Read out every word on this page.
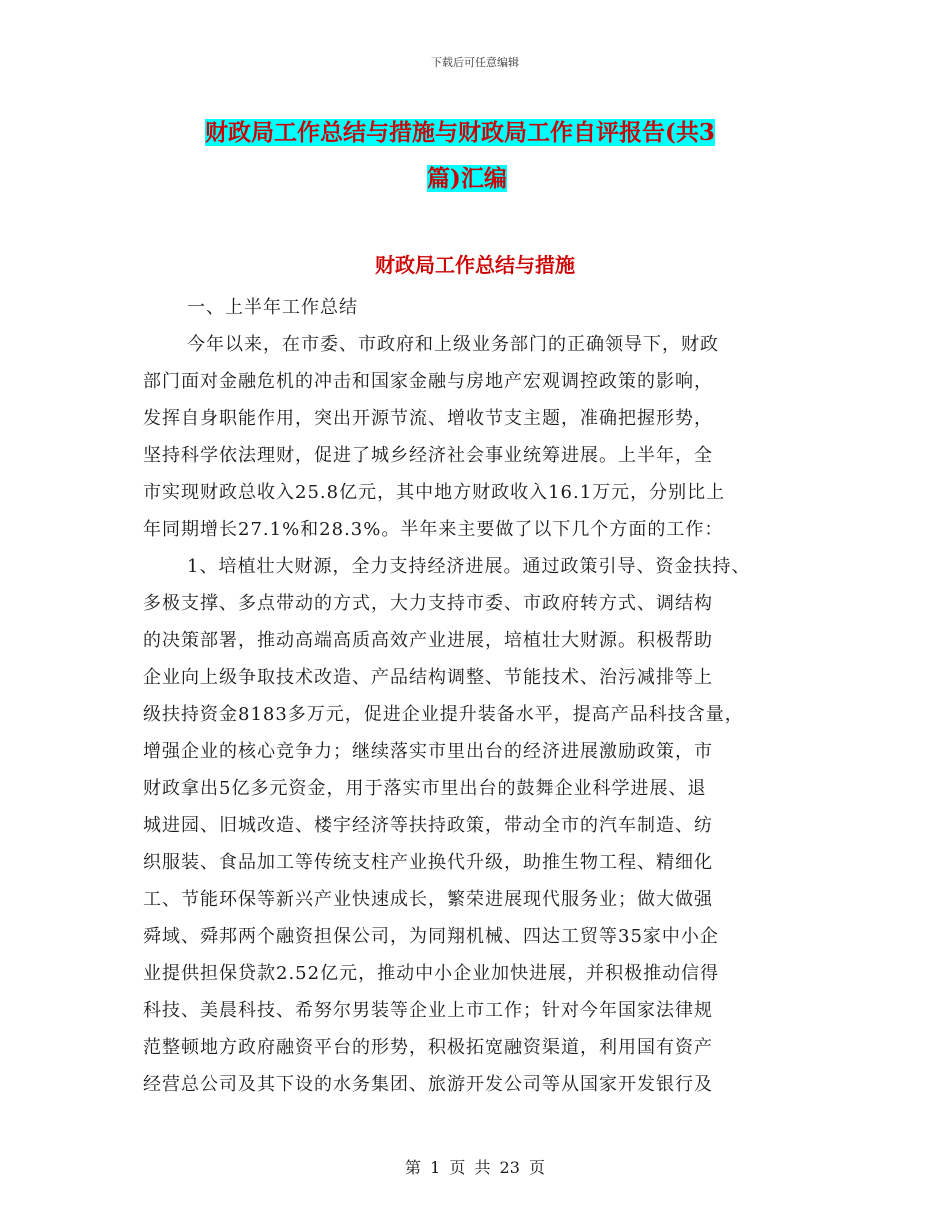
下载后可任意编辑
财政局工作总结与措施与财政局工作自评报告(共3
篇)汇编
财政局工作总结与措施
一、上半年工作总结
今年以来，在市委、市政府和上级业务部门的正确领导下，财政
部门面对金融危机的冲击和国家金融与房地产宏观调控政策的影响，
发挥自身职能作用，突出开源节流、增收节支主题，准确把握形势，
坚持科学依法理财，促进了城乡经济社会事业统筹进展。上半年，全
市实现财政总收入25.8亿元，其中地方财政收入16.1万元，分别比上
年同期增长27.1%和28.3%。半年来主要做了以下几个方面的工作：
1、培植壮大财源，全力支持经济进展。通过政策引导、资金扶持、
多极支撑、多点带动的方式，大力支持市委、市政府转方式、调结构
的决策部署，推动高端高质高效产业进展，培植壮大财源。积极帮助
企业向上级争取技术改造、产品结构调整、节能技术、治污减排等上
级扶持资金8183多万元，促进企业提升装备水平，提高产品科技含量，
增强企业的核心竞争力；继续落实市里出台的经济进展激励政策，市
财政拿出5亿多元资金，用于落实市里出台的鼓舞企业科学进展、退
城进园、旧城改造、楼宇经济等扶持政策，带动全市的汽车制造、纺
织服装、食品加工等传统支柱产业换代升级，助推生物工程、精细化
工、节能环保等新兴产业快速成长，繁荣进展现代服务业；做大做强
舜域、舜邦两个融资担保公司，为同翔机械、四达工贸等35家中小企
业提供担保贷款2.52亿元，推动中小企业加快进展，并积极推动信得
科技、美晨科技、希努尔男装等企业上市工作；针对今年国家法律规
范整顿地方政府融资平台的形势，积极拓宽融资渠道，利用国有资产
经营总公司及其下设的水务集团、旅游开发公司等从国家开发银行及
第 1 页 共 23 页
